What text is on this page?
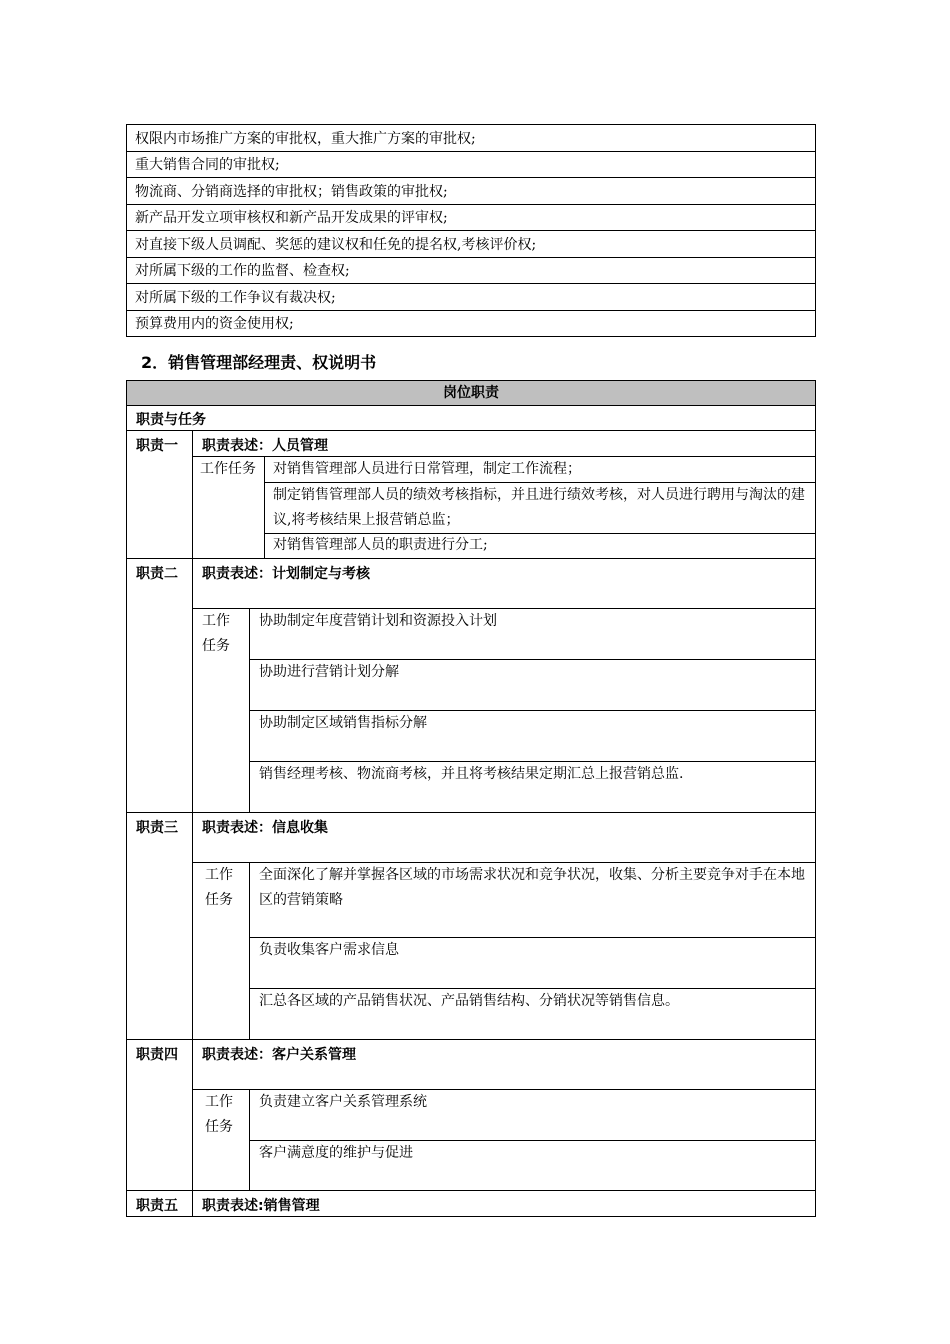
权限内市场推广方案的审批权，重大推广方案的审批权;
重大销售合同的审批权;
物流商、分销商选择的审批权；销售政策的审批权;
新产品开发立项审核权和新产品开发成果的评审权;
对直接下级人员调配、奖惩的建议权和任免的提名权,考核评价权;
对所属下级的工作的监督、检查权;
对所属下级的工作争议有裁决权;
预算费用内的资金使用权;
2．销售管理部经理责、权说明书
岗位职责
职责与任务
职责一 职责表述：人员管理
工作任务 对销售管理部人员进行日常管理，制定工作流程；
制定销售管理部人员的绩效考核指标，并且进行绩效考核，对人员进行聘用与淘汰的建议,将考核结果上报营销总监；
对销售管理部人员的职责进行分工;
职责二 职责表述：计划制定与考核
工作任务
协助制定年度营销计划和资源投入计划
协助进行营销计划分解
协助制定区域销售指标分解
销售经理考核、物流商考核，并且将考核结果定期汇总上报营销总监.
职责三 职责表述：信息收集
工作任务
全面深化了解并掌握各区域的市场需求状况和竞争状况，收集、分析主要竞争对手在本地区的营销策略
负责收集客户需求信息
汇总各区域的产品销售状况、产品销售结构、分销状况等销售信息。
职责四 职责表述：客户关系管理
工作任务
负责建立客户关系管理系统
客户满意度的维护与促进
职责五 职责表述:销售管理
